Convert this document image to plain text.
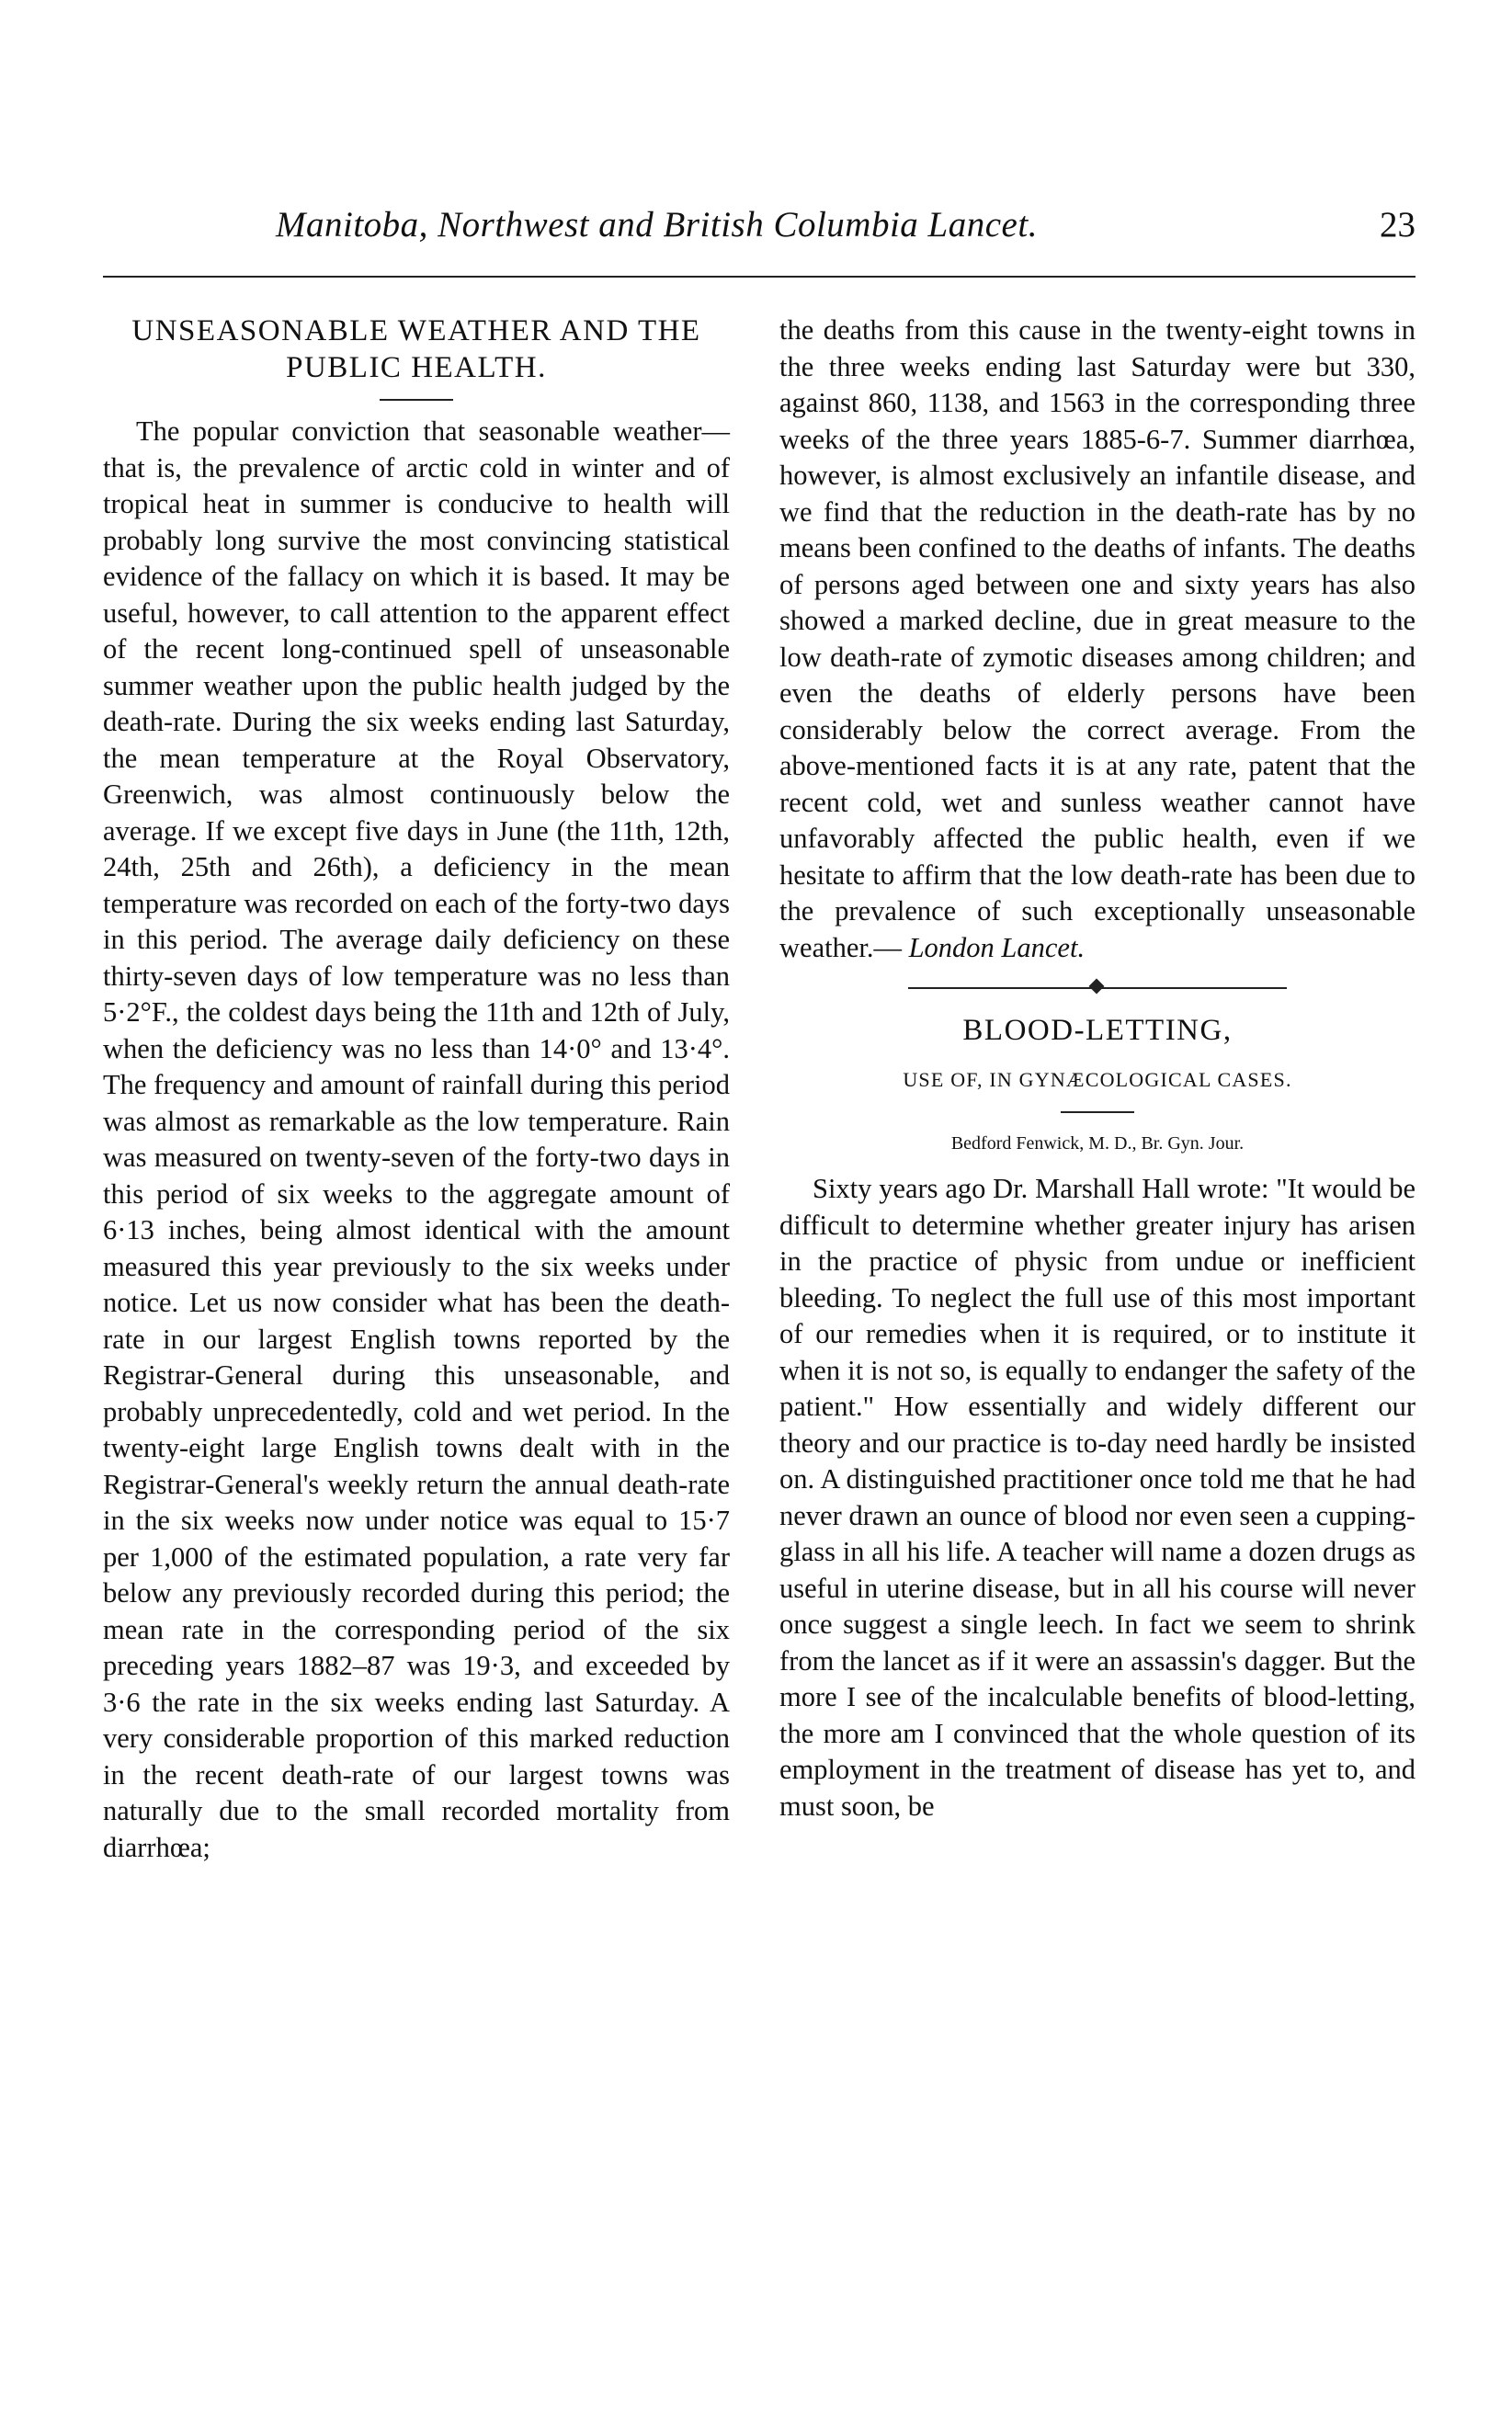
Manitoba, Northwest and British Columbia Lancet.	23
UNSEASONABLE WEATHER AND THE PUBLIC HEALTH.

The popular conviction that seasonable weather—that is, the prevalence of arctic cold in winter and of tropical heat in summer is conducive to health will probably long survive the most convincing statistical evidence of the fallacy on which it is based. It may be useful, however, to call attention to the apparent effect of the recent long-continued spell of unseasonable summer weather upon the public health judged by the death-rate. During the six weeks ending last Saturday, the mean temperature at the Royal Observatory, Greenwich, was almost continuously below the average. If we except five days in June (the 11th, 12th, 24th, 25th and 26th), a deficiency in the mean temperature was recorded on each of the forty-two days in this period. The average daily deficiency on these thirty-seven days of low temperature was no less than 5·2°F., the coldest days being the 11th and 12th of July, when the deficiency was no less than 14·0° and 13·4°. The frequency and amount of rainfall during this period was almost as remarkable as the low temperature. Rain was measured on twenty-seven of the forty-two days in this period of six weeks to the aggregate amount of 6·13 inches, being almost identical with the amount measured this year previously to the six weeks under notice. Let us now consider what has been the death-rate in our largest English towns reported by the Registrar-General during this unseasonable, and probably unprecedentedly, cold and wet period. In the twenty-eight large English towns dealt with in the Registrar-General's weekly return the annual death-rate in the six weeks now under notice was equal to 15·7 per 1,000 of the estimated population, a rate very far below any previously recorded during this period; the mean rate in the corresponding period of the six preceding years 1882–87 was 19·3, and exceeded by 3·6 the rate in the six weeks ending last Saturday. A very considerable proportion of this marked reduction in the recent death-rate of our largest towns was naturally due to the small recorded mortality from diarrhœa;

the deaths from this cause in the twenty-eight towns in the three weeks ending last Saturday were but 330, against 860, 1138, and 1563 in the corresponding three weeks of the three years 1885-6-7. Summer diarrhœa, however, is almost exclusively an infantile disease, and we find that the reduction in the death-rate has by no means been confined to the deaths of infants. The deaths of persons aged between one and sixty years has also showed a marked decline, due in great measure to the low death-rate of zymotic diseases among children; and even the deaths of elderly persons have been considerably below the correct average. From the above-mentioned facts it is at any rate, patent that the recent cold, wet and sunless weather cannot have unfavorably affected the public health, even if we hesitate to affirm that the low death-rate has been due to the prevalence of such exceptionally unseasonable weather.— London Lancet.

BLOOD-LETTING,
USE OF, IN GYNÆCOLOGICAL CASES.
Bedford Fenwick, M. D., Br. Gyn. Jour.

Sixty years ago Dr. Marshall Hall wrote: "It would be difficult to determine whether greater injury has arisen in the practice of physic from undue or inefficient bleeding. To neglect the full use of this most important of our remedies when it is required, or to institute it when it is not so, is equally to endanger the safety of the patient." How essentially and widely different our theory and our practice is to-day need hardly be insisted on. A distinguished practitioner once told me that he had never drawn an ounce of blood nor even seen a cupping-glass in all his life. A teacher will name a dozen drugs as useful in uterine disease, but in all his course will never once suggest a single leech. In fact we seem to shrink from the lancet as if it were an assassin's dagger. But the more I see of the incalculable benefits of blood-letting, the more am I convinced that the whole question of its employment in the treatment of disease has yet to, and must soon, be
